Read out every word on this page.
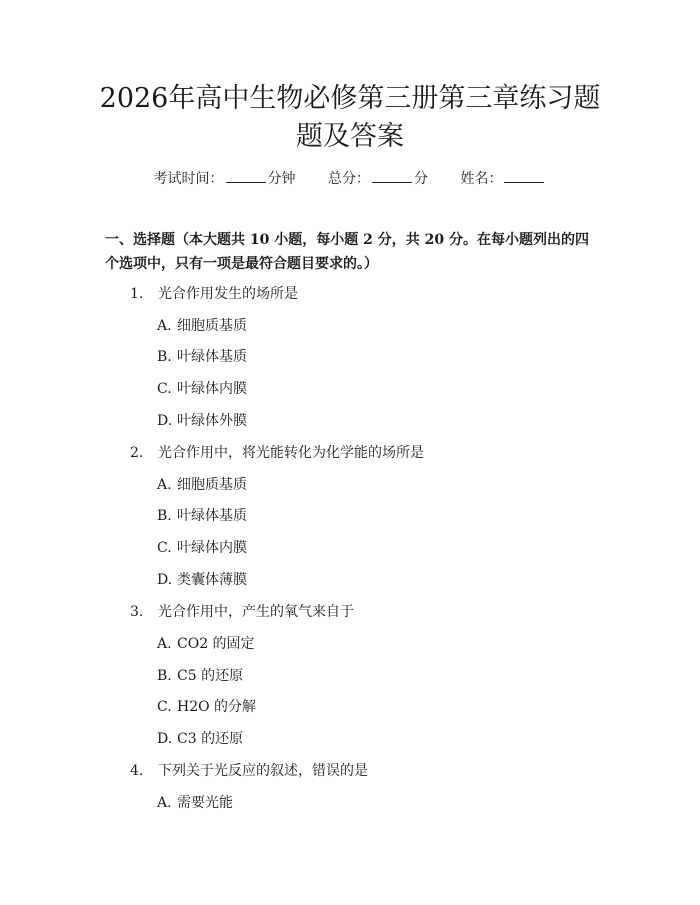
2026年高中生物必修第三册第三章练习题题及答案
考试时间：	分钟 总分：	分 姓名：

一、选择题（本大题共 10 小题，每小题 2 分，共 20 分。在每小题列出的四个选项中，只有一项是最符合题目要求的。）

1. 光合作用发生的场所是
A. 细胞质基质
B. 叶绿体基质
C. 叶绿体内膜
D. 叶绿体外膜
2. 光合作用中，将光能转化为化学能的场所是
A. 细胞质基质
B. 叶绿体基质
C. 叶绿体内膜
D. 类囊体薄膜
3. 光合作用中，产生的氧气来自于
A. CO2 的固定
B. C5 的还原
C. H2O 的分解
D. C3 的还原
4. 下列关于光反应的叙述，错误的是
A. 需要光能
